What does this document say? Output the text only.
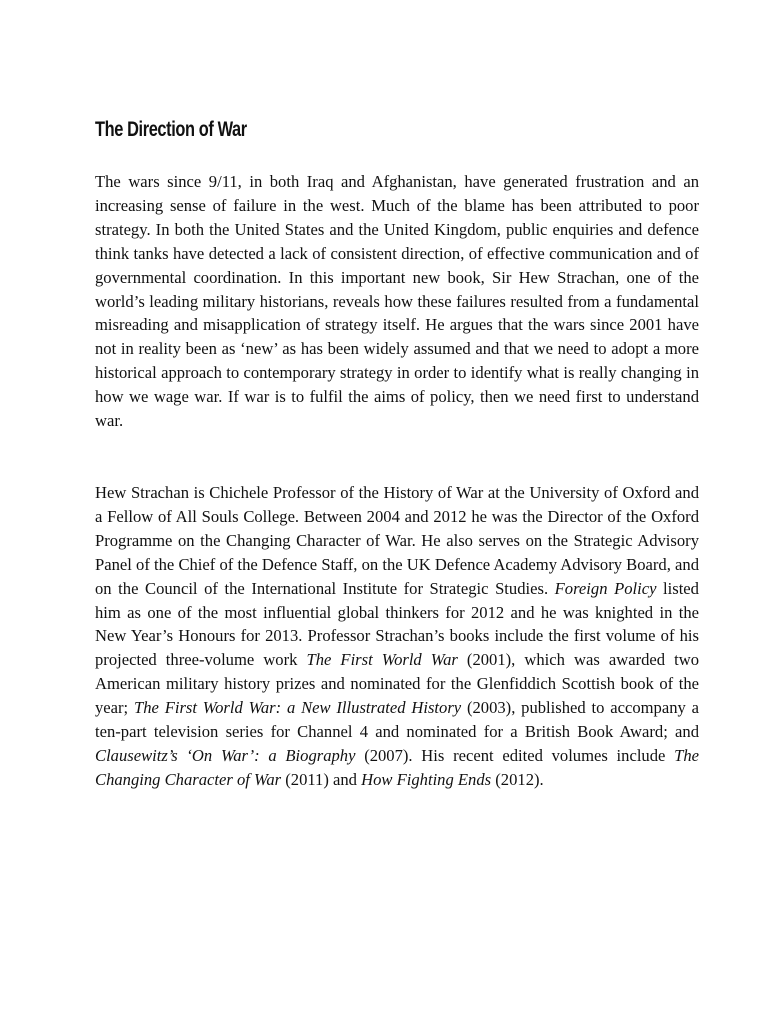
The Direction of War

The wars since 9/11, in both Iraq and Afghanistan, have generated frustration and an increasing sense of failure in the west. Much of the blame has been attributed to poor strategy. In both the United States and the United Kingdom, public enquiries and defence think tanks have detected a lack of consistent direction, of effective communication and of governmental coordination. In this important new book, Sir Hew Strachan, one of the world’s leading military historians, reveals how these failures resulted from a fundamental misreading and misapplication of strategy itself. He argues that the wars since 2001 have not in reality been as ‘new’ as has been widely assumed and that we need to adopt a more historical approach to contemporary strategy in order to identify what is really changing in how we wage war. If war is to fulfil the aims of policy, then we need first to understand war.

Hew Strachan is Chichele Professor of the History of War at the University of Oxford and a Fellow of All Souls College. Between 2004 and 2012 he was the Director of the Oxford Programme on the Changing Character of War. He also serves on the Strategic Advisory Panel of the Chief of the Defence Staff, on the UK Defence Academy Advisory Board, and on the Council of the International Institute for Strategic Studies. Foreign Policy listed him as one of the most influential global thinkers for 2012 and he was knighted in the New Year’s Honours for 2013. Professor Strachan’s books include the first volume of his projected three-volume work The First World War (2001), which was awarded two American military history prizes and nominated for the Glenfiddich Scottish book of the year; The First World War: a New Illustrated History (2003), published to accompany a ten-part television series for Channel 4 and nominated for a British Book Award; and Clausewitz’s ‘On War’: a Biography (2007). His recent edited volumes include The Changing Character of War (2011) and How Fighting Ends (2012).
